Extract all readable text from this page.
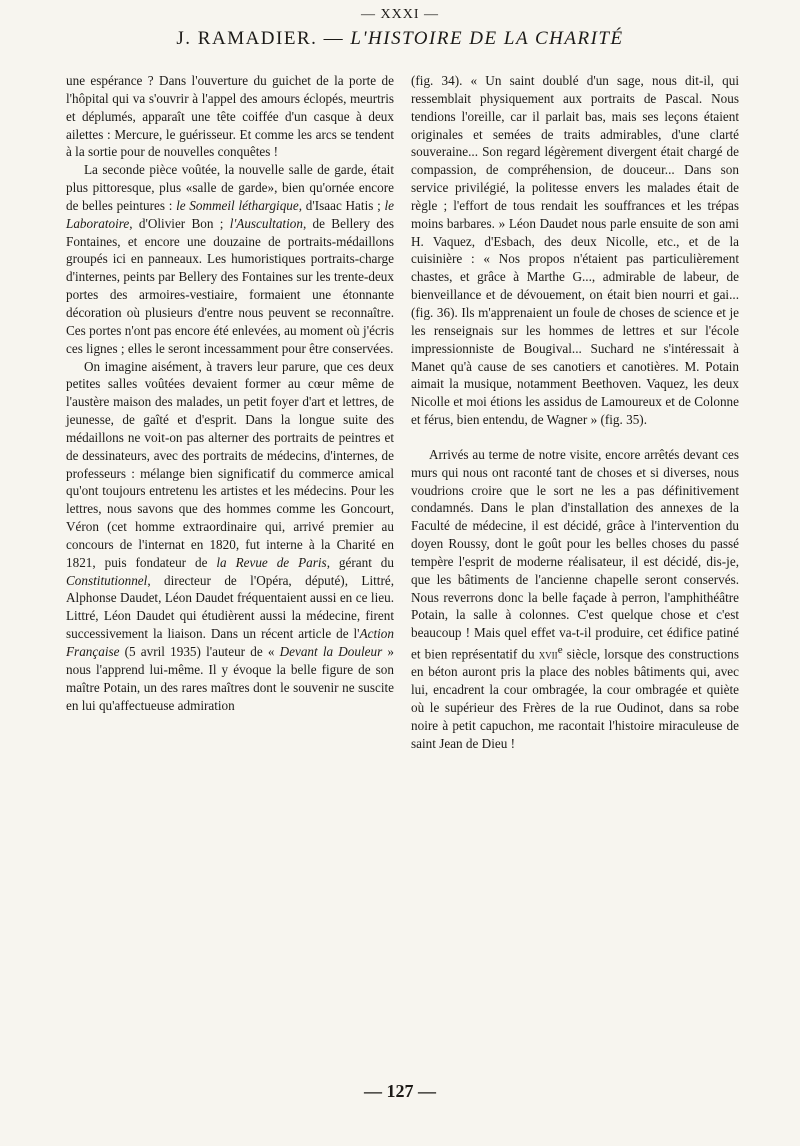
— XXXI —
J. RAMADIER. — L'HISTOIRE DE LA CHARITÉ

une espérance ? Dans l'ouverture du guichet de la porte de l'hôpital qui va s'ouvrir à l'appel des amours éclopés, meurtris et déplumés, apparaît une tête coiffée d'un casque à deux ailettes : Mercure, le guérisseur. Et comme les arcs se tendent à la sortie pour de nouvelles conquêtes !

La seconde pièce voûtée, la nouvelle salle de garde, était plus pittoresque, plus «salle de garde», bien qu'ornée encore de belles peintures : le Sommeil léthargique, d'Isaac Hatis ; le Laboratoire, d'Olivier Bon ; l'Auscultation, de Bellery des Fontaines, et encore une douzaine de portraits-médaillons groupés ici en panneaux. Les humoristiques portraits-charge d'internes, peints par Bellery des Fontaines sur les trente-deux portes des armoires-vestiaire, formaient une étonnante décoration où plusieurs d'entre nous peuvent se reconnaître. Ces portes n'ont pas encore été enlevées, au moment où j'écris ces lignes ; elles le seront incessamment pour être conservées.

On imagine aisément, à travers leur parure, que ces deux petites salles voûtées devaient former au cœur même de l'austère maison des malades, un petit foyer d'art et lettres, de jeunesse, de gaîté et d'esprit. Dans la longue suite des médaillons ne voit-on pas alterner des portraits de peintres et de dessinateurs, avec des portraits de médecins, d'internes, de professeurs : mélange bien significatif du commerce amical qu'ont toujours entretenu les artistes et les médecins. Pour les lettres, nous savons que des hommes comme les Goncourt, Véron (cet homme extraordinaire qui, arrivé premier au concours de l'internat en 1820, fut interne à la Charité en 1821, puis fondateur de la Revue de Paris, gérant du Constitutionnel, directeur de l'Opéra, député), Littré, Alphonse Daudet, Léon Daudet fréquentaient aussi en ce lieu. Littré, Léon Daudet qui étudièrent aussi la médecine, firent successivement la liaison. Dans un récent article de l'Action Française (5 avril 1935) l'auteur de « Devant la Douleur » nous l'apprend lui-même. Il y évoque la belle figure de son maître Potain, un des rares maîtres dont le souvenir ne suscite en lui qu'affectueuse admiration

(fig. 34). « Un saint doublé d'un sage, nous dit-il, qui ressemblait physiquement aux portraits de Pascal. Nous tendions l'oreille, car il parlait bas, mais ses leçons étaient originales et semées de traits admirables, d'une clarté souveraine... Son regard légèrement divergent était chargé de compassion, de compréhension, de douceur... Dans son service privilégié, la politesse envers les malades était de règle ; l'effort de tous rendait les souffrances et les trépas moins barbares. » Léon Daudet nous parle ensuite de son ami H. Vaquez, d'Esbach, des deux Nicolle, etc., et de la cuisinière : « Nos propos n'étaient pas particulièrement chastes, et grâce à Marthe G..., admirable de labeur, de bienveillance et de dévouement, on était bien nourri et gai... (fig. 36). Ils m'apprenaient un foule de choses de science et je les renseignais sur les hommes de lettres et sur l'école impressionniste de Bougival... Suchard ne s'intéressait à Manet qu'à cause de ses canotiers et canotières. M. Potain aimait la musique, notamment Beethoven. Vaquez, les deux Nicolle et moi étions les assidus de Lamoureux et de Colonne et férus, bien entendu, de Wagner » (fig. 35).

Arrivés au terme de notre visite, encore arrêtés devant ces murs qui nous ont raconté tant de choses et si diverses, nous voudrions croire que le sort ne les a pas définitivement condamnés. Dans le plan d'installation des annexes de la Faculté de médecine, il est décidé, grâce à l'intervention du doyen Roussy, dont le goût pour les belles choses du passé tempère l'esprit de moderne réalisateur, il est décidé, dis-je, que les bâtiments de l'ancienne chapelle seront conservés. Nous reverrons donc la belle façade à perron, l'amphithéâtre Potain, la salle à colonnes. C'est quelque chose et c'est beaucoup ! Mais quel effet va-t-il produire, cet édifice patiné et bien représentatif du xvii$^e$ siècle, lorsque des constructions en béton auront pris la place des nobles bâtiments qui, avec lui, encadrent la cour ombragée, la cour ombragée et quiète où le supérieur des Frères de la rue Oudinot, dans sa robe noire à petit capuchon, me racontait l'histoire miraculeuse de saint Jean de Dieu !

— 127 —
